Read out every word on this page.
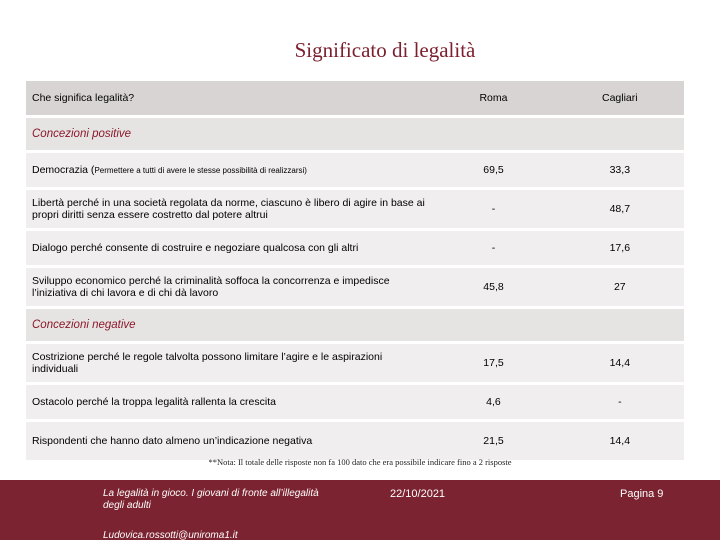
Significato di legalità
Che significa legalità?	Roma	Cagliari
Concezioni positive		
Democrazia (Permettere a tutti di avere le stesse possibilità di realizzarsi)	69,5	33,3
Libertà perché in una società regolata da norme, ciascuno è libero di agire in base ai propri diritti senza essere costretto dal potere altrui	-	48,7
Dialogo perché consente di costruire e negoziare qualcosa con gli altri	-	17,6
Sviluppo economico perché la criminalità soffoca la concorrenza e impedisce l’iniziativa di chi lavora e di chi dà lavoro	45,8	27
Concezioni negative		
Costrizione perché le regole talvolta possono limitare l’agire e le aspirazioni individuali	17,5	14,4
Ostacolo perché la troppa legalità rallenta la crescita	4,6	-
Rispondenti che hanno dato almeno un’indicazione negativa	21,5	14,4
**Nota: Il totale delle risposte non fa 100 dato che era possibile indicare fino a 2 risposte
La legalità in gioco. I giovani di fronte all’illegalità degli adulti
Ludovica.rossotti@uniroma1.it
22/10/2021	Pagina 9
